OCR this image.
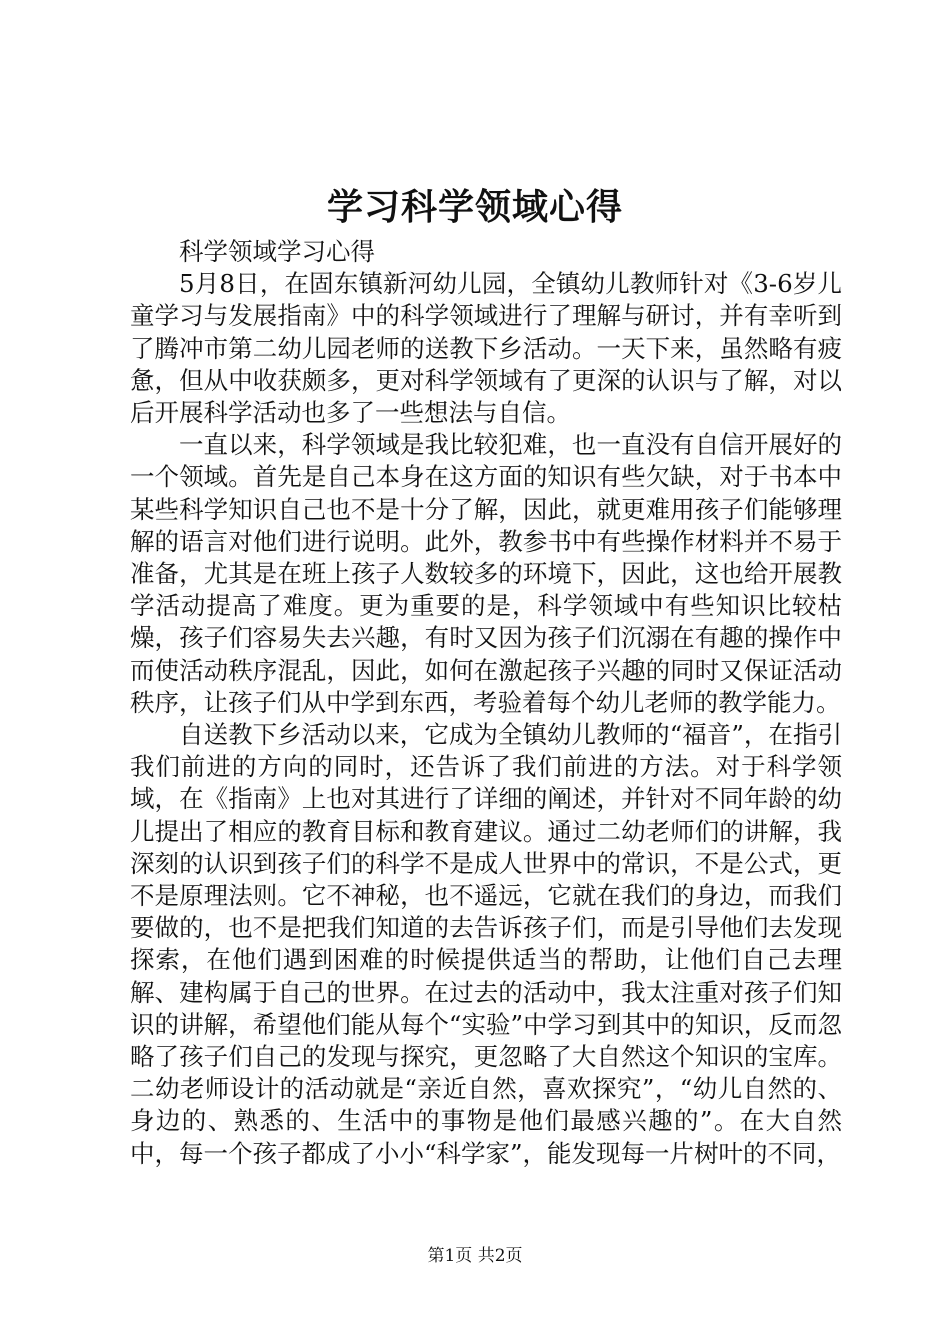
学习科学领域心得

科学领域学习心得

5月8日，在固东镇新河幼儿园，全镇幼儿教师针对《3-6岁儿童学习与发展指南》中的科学领域进行了理解与研讨，并有幸听到了腾冲市第二幼儿园老师的送教下乡活动。一天下来，虽然略有疲惫，但从中收获颇多，更对科学领域有了更深的认识与了解，对以后开展科学活动也多了一些想法与自信。

一直以来，科学领域是我比较犯难，也一直没有自信开展好的一个领域。首先是自己本身在这方面的知识有些欠缺，对于书本中某些科学知识自己也不是十分了解，因此，就更难用孩子们能够理解的语言对他们进行说明。此外，教参书中有些操作材料并不易于准备，尤其是在班上孩子人数较多的环境下，因此，这也给开展教学活动提高了难度。更为重要的是，科学领域中有些知识比较枯燥，孩子们容易失去兴趣，有时又因为孩子们沉溺在有趣的操作中而使活动秩序混乱，因此，如何在激起孩子兴趣的同时又保证活动秩序，让孩子们从中学到东西，考验着每个幼儿老师的教学能力。

自送教下乡活动以来，它成为全镇幼儿教师的“福音”，在指引我们前进的方向的同时，还告诉了我们前进的方法。对于科学领域，在《指南》上也对其进行了详细的阐述，并针对不同年龄的幼儿提出了相应的教育目标和教育建议。通过二幼老师们的讲解，我深刻的认识到孩子们的科学不是成人世界中的常识，不是公式，更不是原理法则。它不神秘，也不遥远，它就在我们的身边，而我们要做的，也不是把我们知道的去告诉孩子们，而是引导他们去发现探索，在他们遇到困难的时候提供适当的帮助，让他们自己去理解、建构属于自己的世界。在过去的活动中，我太注重对孩子们知识的讲解，希望他们能从每个“实验”中学习到其中的知识，反而忽略了孩子们自己的发现与探究，更忽略了大自然这个知识的宝库。二幼老师设计的活动就是“亲近自然，喜欢探究”，“幼儿自然的、身边的、熟悉的、生活中的事物是他们最感兴趣的”。在大自然中，每一个孩子都成了小小“科学家”，能发现每一片树叶的不同，

第1页 共2页
